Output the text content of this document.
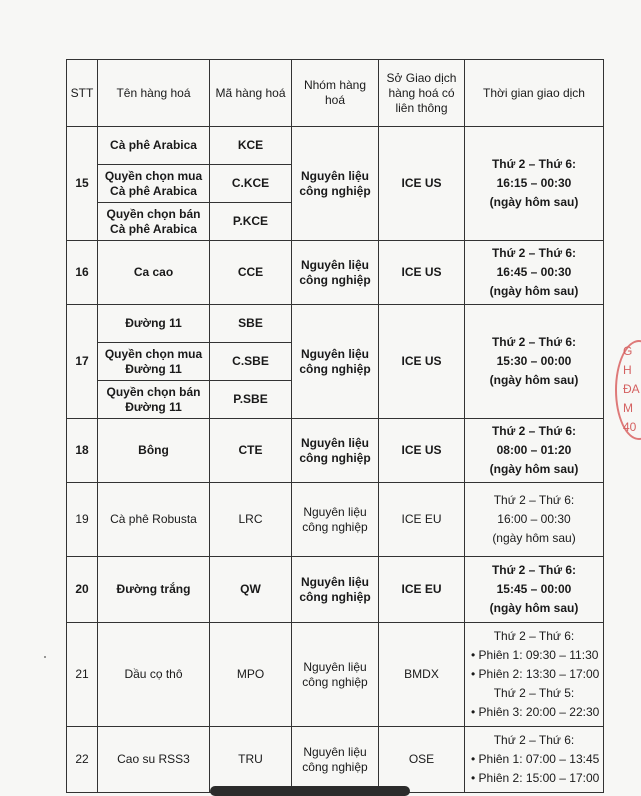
STT	Tên hàng hoá	Mã hàng hoá	Nhóm hàng hoá	Sở Giao dịch hàng hoá có liên thông	Thời gian giao dịch
15	Cà phê Arabica	KCE	Nguyên liệu công nghiệp	ICE US	Thứ 2 – Thứ 6:
16:15 – 00:30
(ngày hôm sau)

	Quyền chọn mua Cà phê Arabica	C.KCE			
	Quyền chọn bán Cà phê Arabica	P.KCE			
16	Ca cao	CCE	Nguyên liệu công nghiệp	ICE US	Thứ 2 – Thứ 6:
16:45 – 00:30
(ngày hôm sau)

17	Đường 11	SBE	Nguyên liệu công nghiệp	ICE US	Thứ 2 – Thứ 6:
15:30 – 00:00
(ngày hôm sau)

	Quyền chọn mua Đường 11	C.SBE			
	Quyền chọn bán Đường 11	P.SBE			
18	Bông	CTE	Nguyên liệu công nghiệp	ICE US	Thứ 2 – Thứ 6:
08:00 – 01:20
(ngày hôm sau)

19	Cà phê Robusta	LRC	Nguyên liệu công nghiệp	ICE EU	Thứ 2 – Thứ 6:
16:00 – 00:30
(ngày hôm sau)

20	Đường trắng	QW	Nguyên liệu công nghiệp	ICE EU	Thứ 2 – Thứ 6:
15:45 – 00:00
(ngày hôm sau)

21	Dầu cọ thô	MPO	Nguyên liệu công nghiệp	BMDX	Thứ 2 – Thứ 6:
• Phiên 1: 09:30 – 11:30
• Phiên 2: 13:30 – 17:00
Thứ 2 – Thứ 5:
• Phiên 3: 20:00 – 22:30

22	Cao su RSS3	TRU	Nguyên liệu công nghiệp	OSE	Thứ 2 – Thứ 6:
• Phiên 1: 07:00 – 13:45
• Phiên 2: 15:00 – 17:00
G
H
ĐA
M
40
